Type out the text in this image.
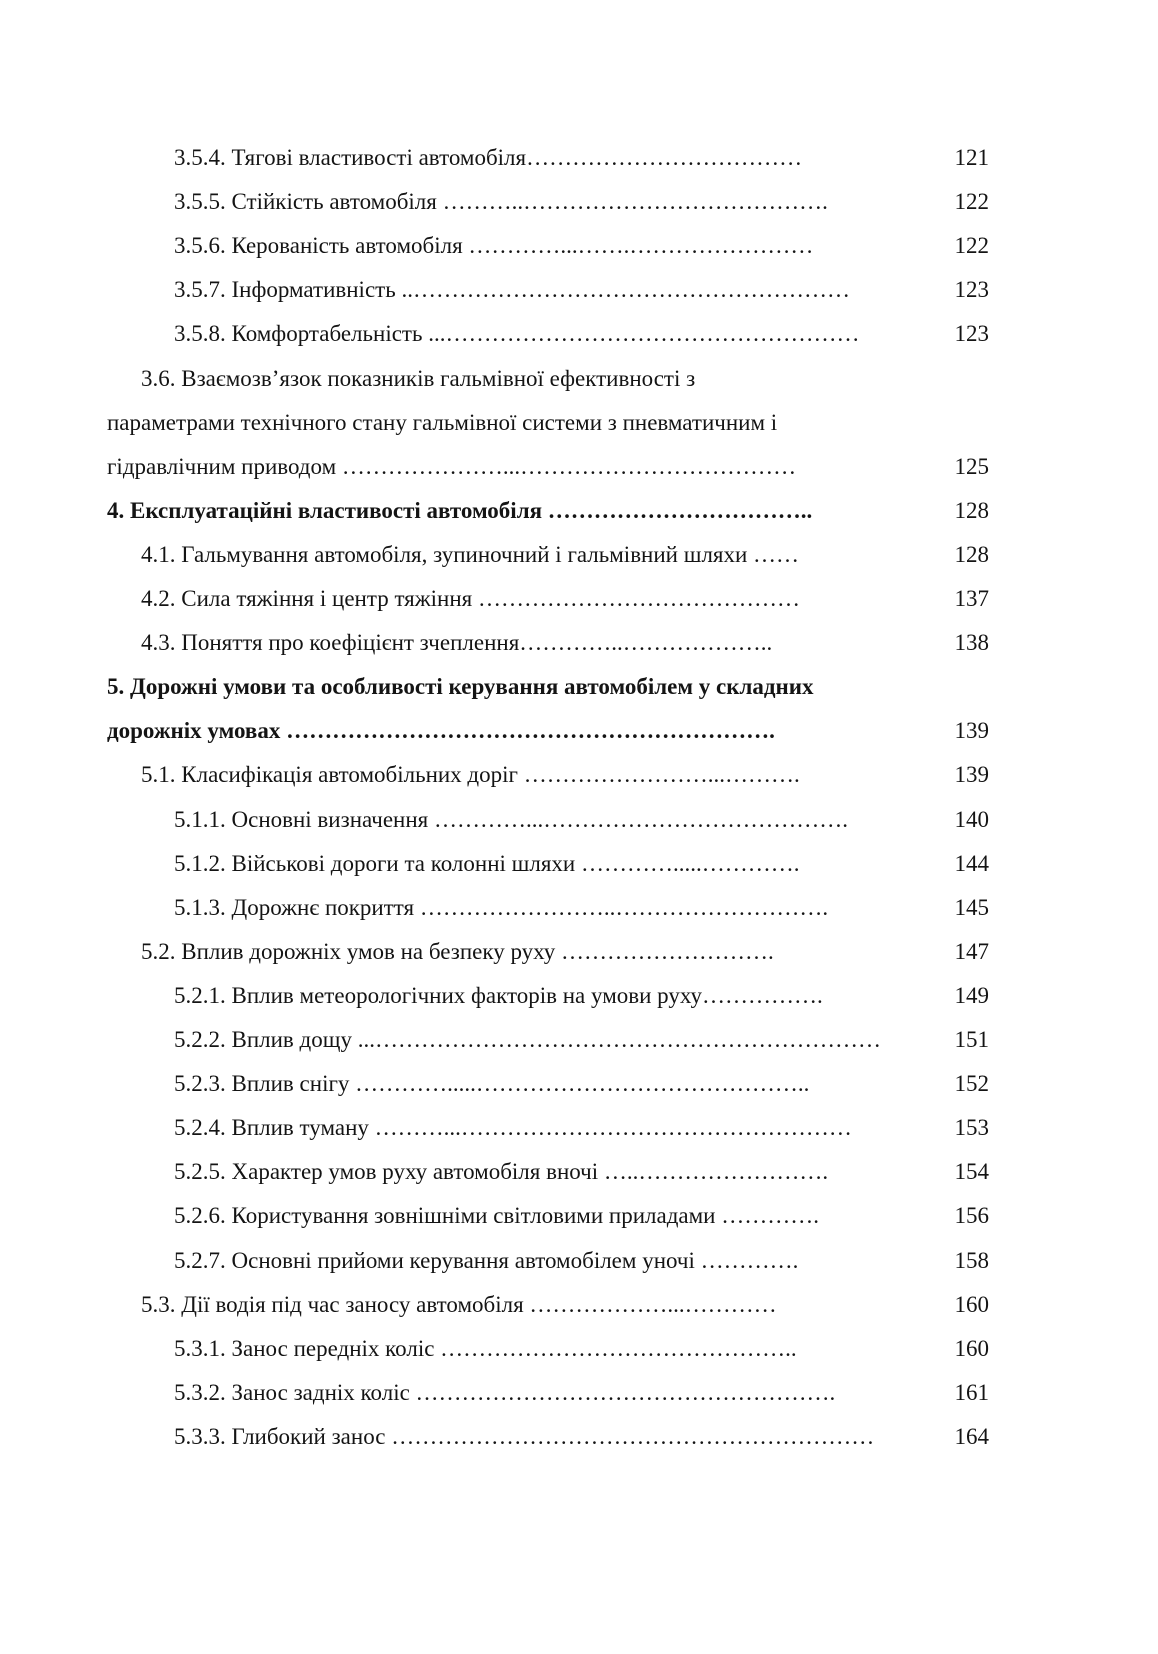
3.5.4. Тягові властивості автомобіля………………………………	121
3.5.5. Стійкість автомобіля ………..………………………………….	122
3.5.6. Керованість автомобіля …………...…….……………………	122
3.5.7. Інформативність ..…………………………………………………	123
3.5.8. Комфортабельність ...………………………………………………	123
3.6. Взаємозв’язок показників гальмівної ефективності з
параметрами технічного стану гальмівної системи з пневматичним і
гідравлічним приводом …………………...………………………………	125
4. Експлуатаційні властивості автомобіля ……………………………..	128
4.1. Гальмування автомобіля, зупиночний і гальмівний шляхи ……	128
4.2. Сила тяжіння і центр тяжіння ……………………………………	137
4.3. Поняття про коефіцієнт зчеплення…………..………………..	138
5. Дорожні умови та особливості керування автомобілем у складних
дорожніх умовах ……………………………………………………….	139
5.1. Класифікація автомобільних доріг ……………………...……….	139
5.1.1. Основні визначення …………...………………………………….	140
5.1.2. Військові дороги та колонні шляхи ………….....………….	144
5.1.3. Дорожнє покриття ……………………..……………………….	145
5.2. Вплив дорожніх умов на безпеку руху ……………………….	147
5.2.1. Вплив метеорологічних факторів на умови руху…………….	149
5.2.2. Вплив дощу ...…………………………………………………………	151
5.2.3. Вплив снігу ………….....……………………………………..	152
5.2.4. Вплив туману ………...……………………………………………	153
5.2.5. Характер умов руху автомобіля вночі …..…………………….	154
5.2.6. Користування зовнішніми світловими приладами ………….	156
5.2.7. Основні прийоми керування автомобілем уночі ………….	158
5.3. Дії водія під час заносу автомобіля ………………...…………	160
5.3.1. Занос передніх коліс ………………………………………..	160
5.3.2. Занос задніх коліс ……………………………………………….	161
5.3.3. Глибокий занос ………………………………………………………	164
